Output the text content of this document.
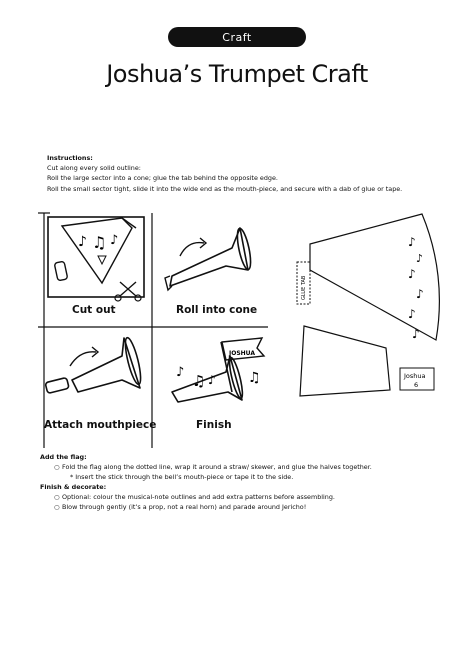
Craft
Joshua’s Trumpet Craft
Instructions:
Cut along every solid outline:
Roll the large sector into a cone; glue the tab behind the opposite edge.
Roll the small sector tight, slide it into the wide end as the mouth-piece, and secure with a dab of glue or tape.
♪ ♫ ♪
JOSHUA
♪ ♫ ♪ ♫
GLUE TAB
♪
♪
♪
♪
♪
♪
Joshua
6
Cut out	Roll into cone
Attach mouthpiece	Finish
Add the flag:
○ Fold the flag along the dotted line, wrap it around a straw/ skewer, and glue the halves together.
* Insert the stick through the bell’s mouth-piece or tape it to the side.
Finish & decorate:
○ Optional: colour the musical-note outlines and add extra patterns before assembling.
○ Blow through gently (it’s a prop, not a real horn) and parade around Jericho!
